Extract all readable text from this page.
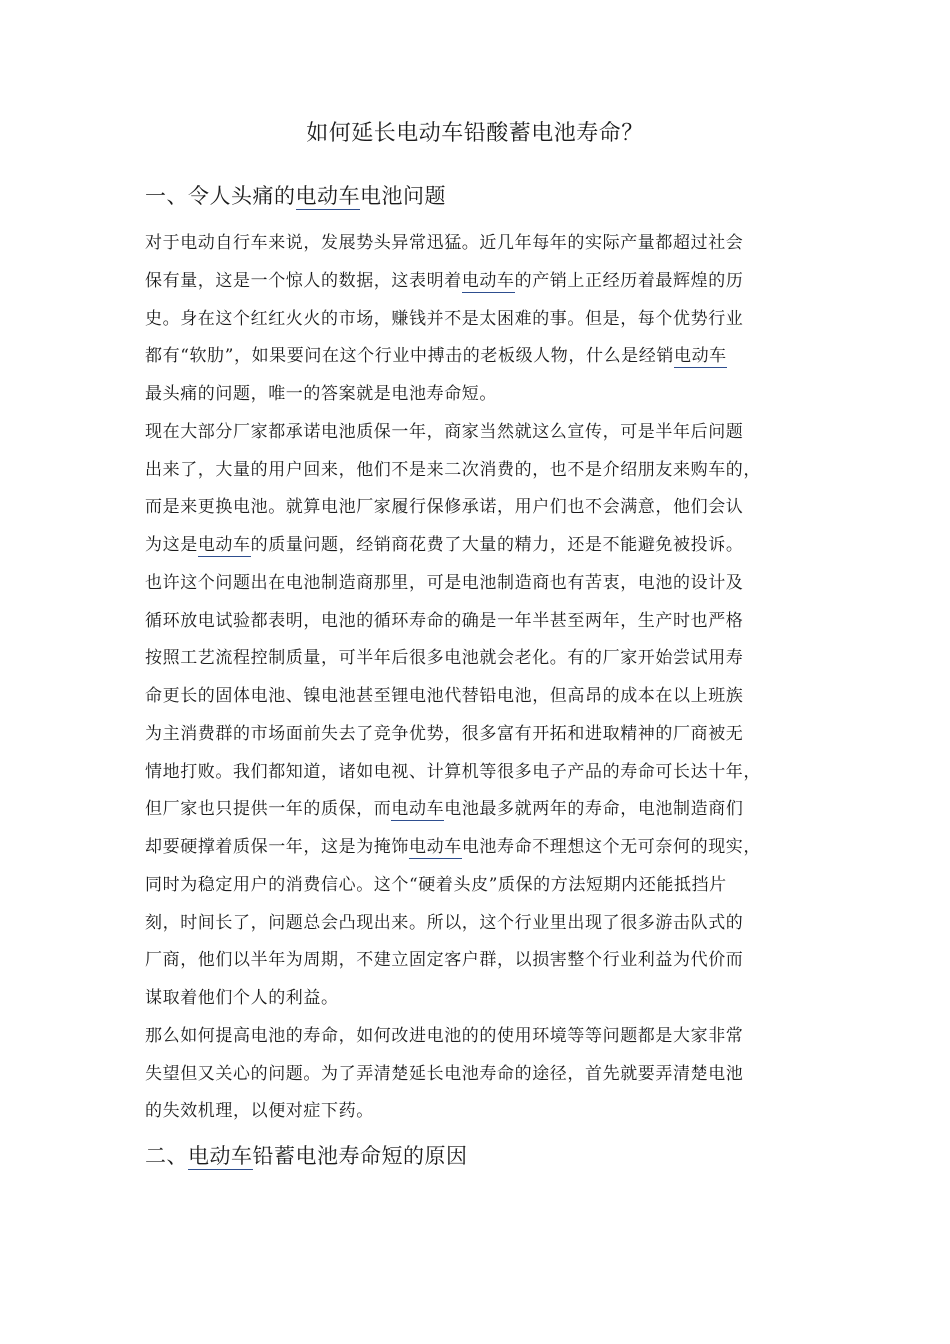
如何延长电动车铅酸蓄电池寿命？
一、令人头痛的电动车电池问题
对于电动自行车来说，发展势头异常迅猛。近几年每年的实际产量都超过社会
保有量，这是一个惊人的数据，这表明着电动车的产销上正经历着最辉煌的历
史。身在这个红红火火的市场，赚钱并不是太困难的事。但是，每个优势行业
都有“软肋”，如果要问在这个行业中搏击的老板级人物，什么是经销电动车
最头痛的问题，唯一的答案就是电池寿命短。
现在大部分厂家都承诺电池质保一年，商家当然就这么宣传，可是半年后问题
出来了，大量的用户回来，他们不是来二次消费的，也不是介绍朋友来购车的，
而是来更换电池。就算电池厂家履行保修承诺，用户们也不会满意，他们会认
为这是电动车的质量问题，经销商花费了大量的精力，还是不能避免被投诉。
也许这个问题出在电池制造商那里，可是电池制造商也有苦衷，电池的设计及
循环放电试验都表明，电池的循环寿命的确是一年半甚至两年，生产时也严格
按照工艺流程控制质量，可半年后很多电池就会老化。有的厂家开始尝试用寿
命更长的固体电池、镍电池甚至锂电池代替铅电池，但高昂的成本在以上班族
为主消费群的市场面前失去了竞争优势，很多富有开拓和进取精神的厂商被无
情地打败。我们都知道，诸如电视、计算机等很多电子产品的寿命可长达十年，
但厂家也只提供一年的质保，而电动车电池最多就两年的寿命，电池制造商们
却要硬撑着质保一年，这是为掩饰电动车电池寿命不理想这个无可奈何的现实，
同时为稳定用户的消费信心。这个“硬着头皮”质保的方法短期内还能抵挡片
刻，时间长了，问题总会凸现出来。所以，这个行业里出现了很多游击队式的
厂商，他们以半年为周期，不建立固定客户群，以损害整个行业利益为代价而
谋取着他们个人的利益。
那么如何提高电池的寿命，如何改进电池的的使用环境等等问题都是大家非常
失望但又关心的问题。为了弄清楚延长电池寿命的途径，首先就要弄清楚电池
的失效机理，以便对症下药。
二、电动车铅蓄电池寿命短的原因
